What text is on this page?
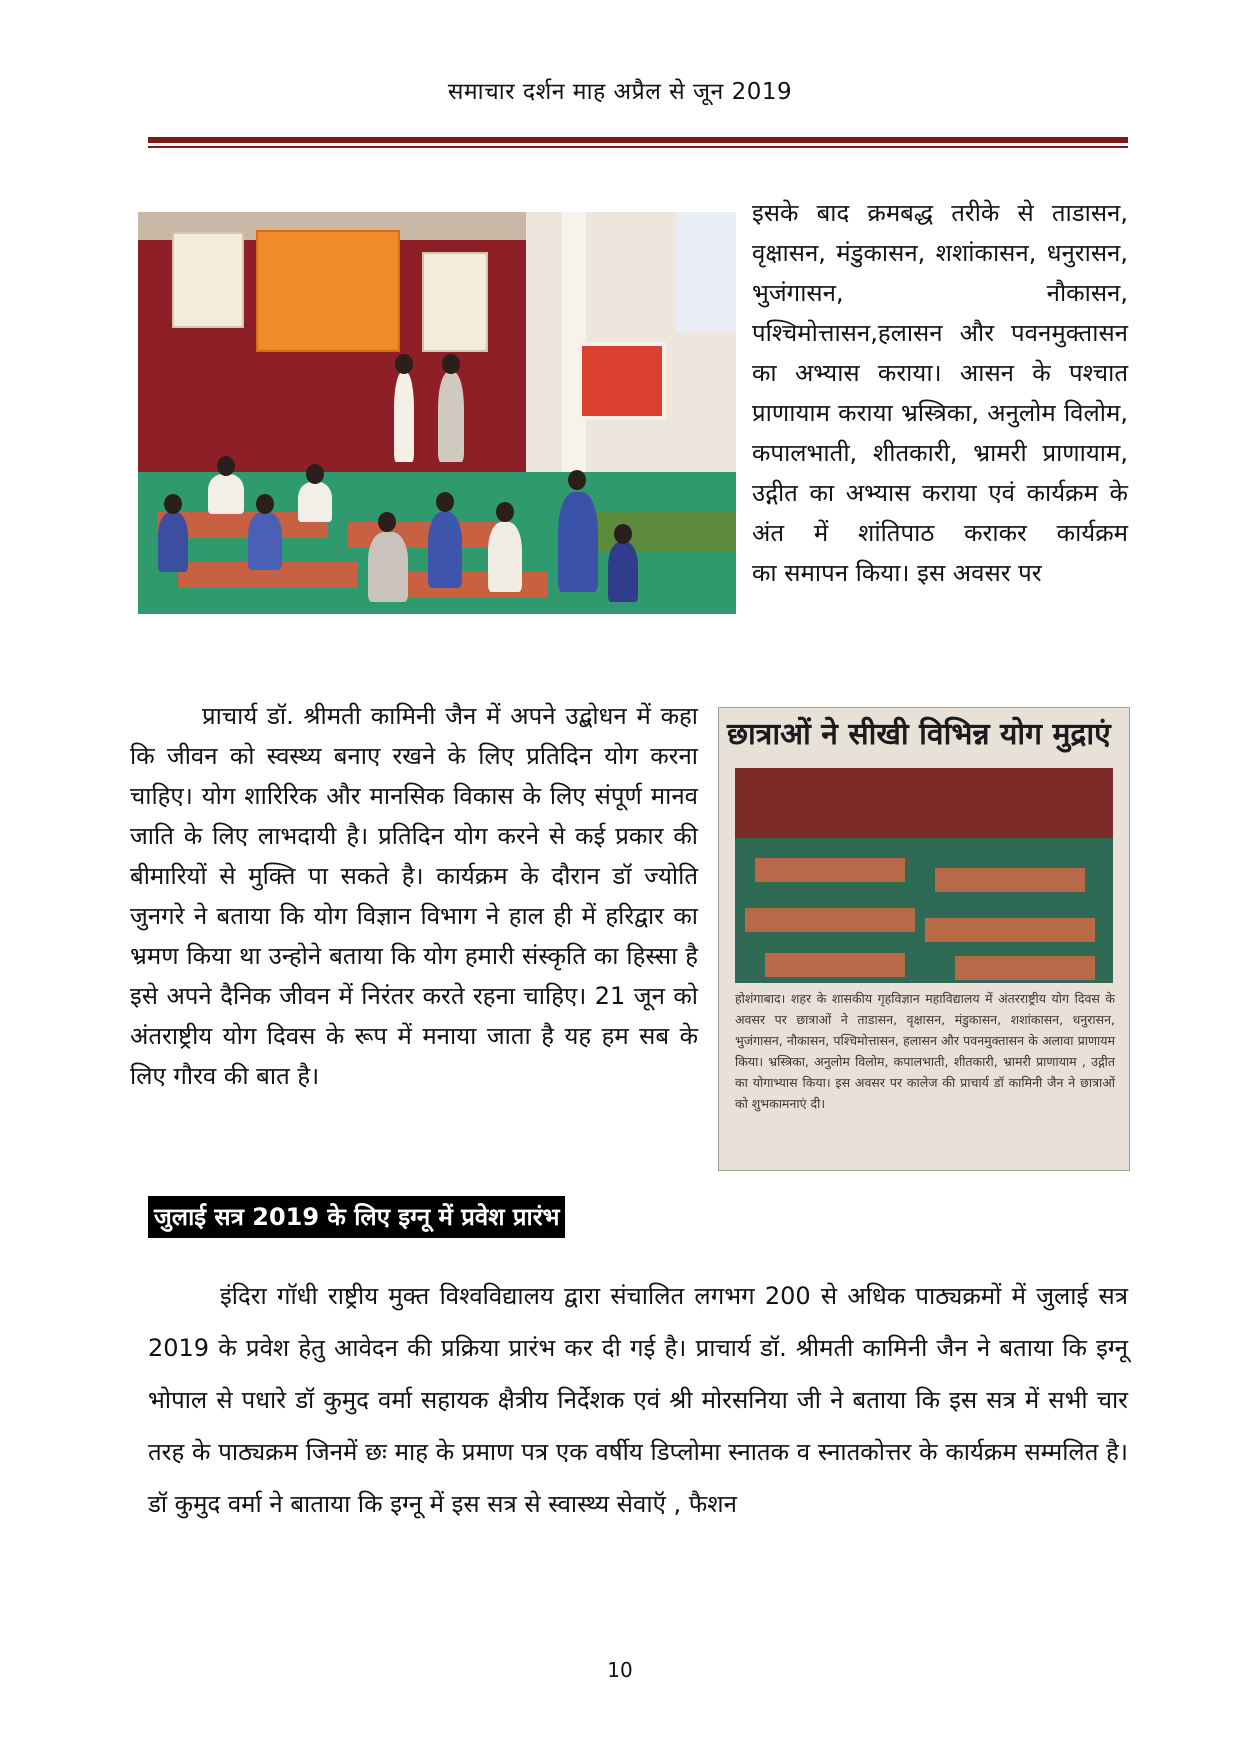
समाचार दर्शन माह अप्रैल से जून 2019
इसके बाद क्रमबद्ध तरीके से ताडासन, वृक्षासन, मंडुकासन, शशांकासन, धनुरासन, भुजंगासन, नौकासन, पश्चिमोत्तासन,हलासन और पवनमुक्तासन का अभ्यास कराया। आसन के पश्चात प्राणायाम कराया भ्रस्त्रिका, अनुलोम विलोम, कपालभाती, शीतकारी, भ्रामरी प्राणायाम, उद्गीत का अभ्यास कराया एवं कार्यक्रम के अंत में शांतिपाठ कराकर कार्यक्रम
का समापन किया। इस अवसर पर

प्राचार्य डॉ. श्रीमती कामिनी जैन में अपने उद्बोधन में कहा कि जीवन को स्वस्थ्य बनाए रखने के लिए प्रतिदिन योग करना चाहिए। योग शारिरिक और मानसिक विकास के लिए संपूर्ण मानव जाति के लिए लाभदायी है। प्रतिदिन योग करने से कई प्रकार की बीमारियों से मुक्ति पा सकते है। कार्यक्रम के दौरान डॉ ज्योति जुनगरे ने बताया कि योग विज्ञान विभाग ने हाल ही में हरिद्वार का भ्रमण किया था उन्होने बताया कि योग हमारी संस्कृति का हिस्सा है इसे अपने दैनिक जीवन में निरंतर करते रहना चाहिए। 21 जून को अंतराष्ट्रीय योग दिवस के रूप में मनाया जाता है यह हम सब के लिए गौरव की बात है।

छात्राओं ने सीखी विभिन्न योग मुद्राएं
होशंगाबाद। शहर के शासकीय गृहविज्ञान महाविद्यालय में अंतरराष्ट्रीय योग दिवस के अवसर पर छात्राओं ने ताडासन, वृक्षासन, मंडुकासन, शशांकासन, धनुरासन, भुजंगासन, नौकासन, पश्चिमोत्तासन, हलासन और पवनमुक्तासन के अलावा प्राणायम किया। भ्रस्त्रिका, अनुलोम विलोम, कपालभाती, शीतकारी, भ्रामरी प्राणायाम , उद्गीत का योगाभ्यास किया। इस अवसर पर कालेज की प्राचार्य डॉ कामिनी जैन ने छात्राओं को शुभकामनाएं दी।
जुलाई सत्र 2019 के लिए इग्नू में प्रवेश प्रारंभ

इंदिरा गॉधी राष्ट्रीय मुक्त विश्वविद्यालय द्वारा संचालित लगभग 200 से अधिक पाठ्यक्रमों में जुलाई सत्र 2019 के प्रवेश हेतु आवेदन की प्रक्रिया प्रारंभ कर दी गई है। प्राचार्य डॉ. श्रीमती कामिनी जैन ने बताया कि इग्नू भोपाल से पधारे डॉ कुमुद वर्मा सहायक क्षैत्रीय निर्देशक एवं श्री मोरसनिया जी ने बताया कि इस सत्र में सभी चार तरह के पाठ्यक्रम जिनमें छः माह के प्रमाण पत्र एक वर्षीय डिप्लोमा स्नातक व स्नातकोत्तर के कार्यक्रम सम्मलित है। डॉ कुमुद वर्मा ने बाताया कि इग्नू में इस सत्र से स्वास्थ्य सेवाऍ , फैशन

10
